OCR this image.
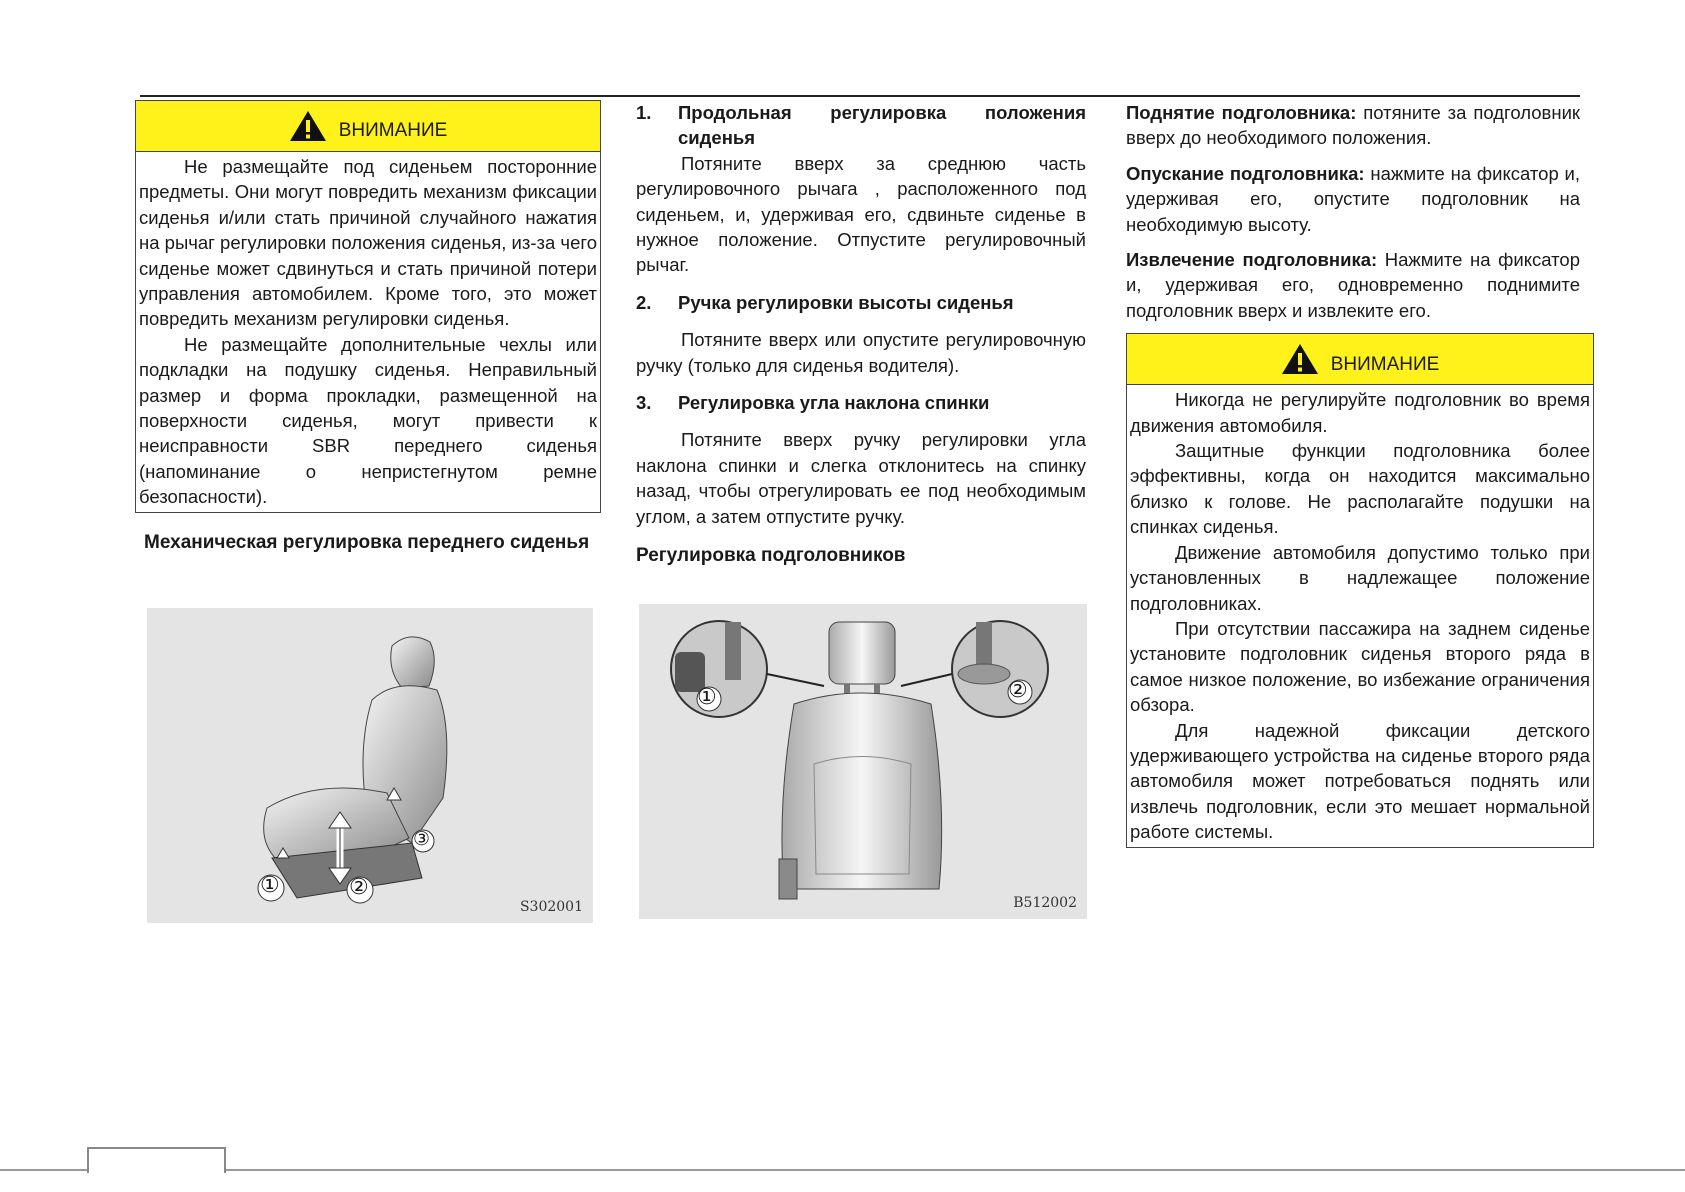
ВНИМАНИЕ

Не размещайте под сиденьем посторонние предметы. Они могут повредить механизм фиксации сиденья и/или стать причиной случайного нажатия на рычаг регулировки положения сиденья, из-за чего сиденье может сдвинуться и стать причиной потери управления автомобилем. Кроме того, это может повредить механизм регулировки сиденья.

Не размещайте дополнительные чехлы или подкладки на подушку сиденья. Неправильный размер и форма прокладки, размещенной на поверхности сиденья, могут привести к неисправности SBR переднего сиденья (напоминание о непристегнутом ремне безопасности).

Механическая регулировка переднего сиденья

①	②
③
S302001
1.	Продольная регулировка положения сиденья

Потяните вверх за среднюю часть регулировочного рычага , расположенного под сиденьем, и, удерживая его, сдвиньте сиденье в нужное положение. Отпустите регулировочный рычаг.

2.	Ручка регулировки высоты сиденья

Потяните вверх или опустите регулировочную ручку (только для сиденья водителя).

3.	Регулировка угла наклона спинки

Потяните вверх ручку регулировки угла наклона спинки и слегка отклонитесь на спинку назад, чтобы отрегулировать ее под необходимым углом, а затем отпустите ручку.

Регулировка подголовников

①	②
B512002

Поднятие подголовника: потяните за подголовник вверх до необходимого положения.

Опускание подголовника: нажмите на фиксатор и, удерживая его, опустите подголовник на необходимую высоту.

Извлечение подголовника: Нажмите на фиксатор и, удерживая его, одновременно поднимите подголовник вверх и извлеките его.

ВНИМАНИЕ

Никогда не регулируйте подголовник во время движения автомобиля.

Защитные функции подголовника более эффективны, когда он находится максимально близко к голове. Не располагайте подушки на спинках сиденья.

Движение автомобиля допустимо только при установленных в надлежащее положение подголовниках.

При отсутствии пассажира на заднем сиденье установите подголовник сиденья второго ряда в самое низкое положение, во избежание ограничения обзора.

Для надежной фиксации детского удерживающего устройства на сиденье второго ряда автомобиля может потребоваться поднять или извлечь подголовник, если это мешает нормальной работе системы.
